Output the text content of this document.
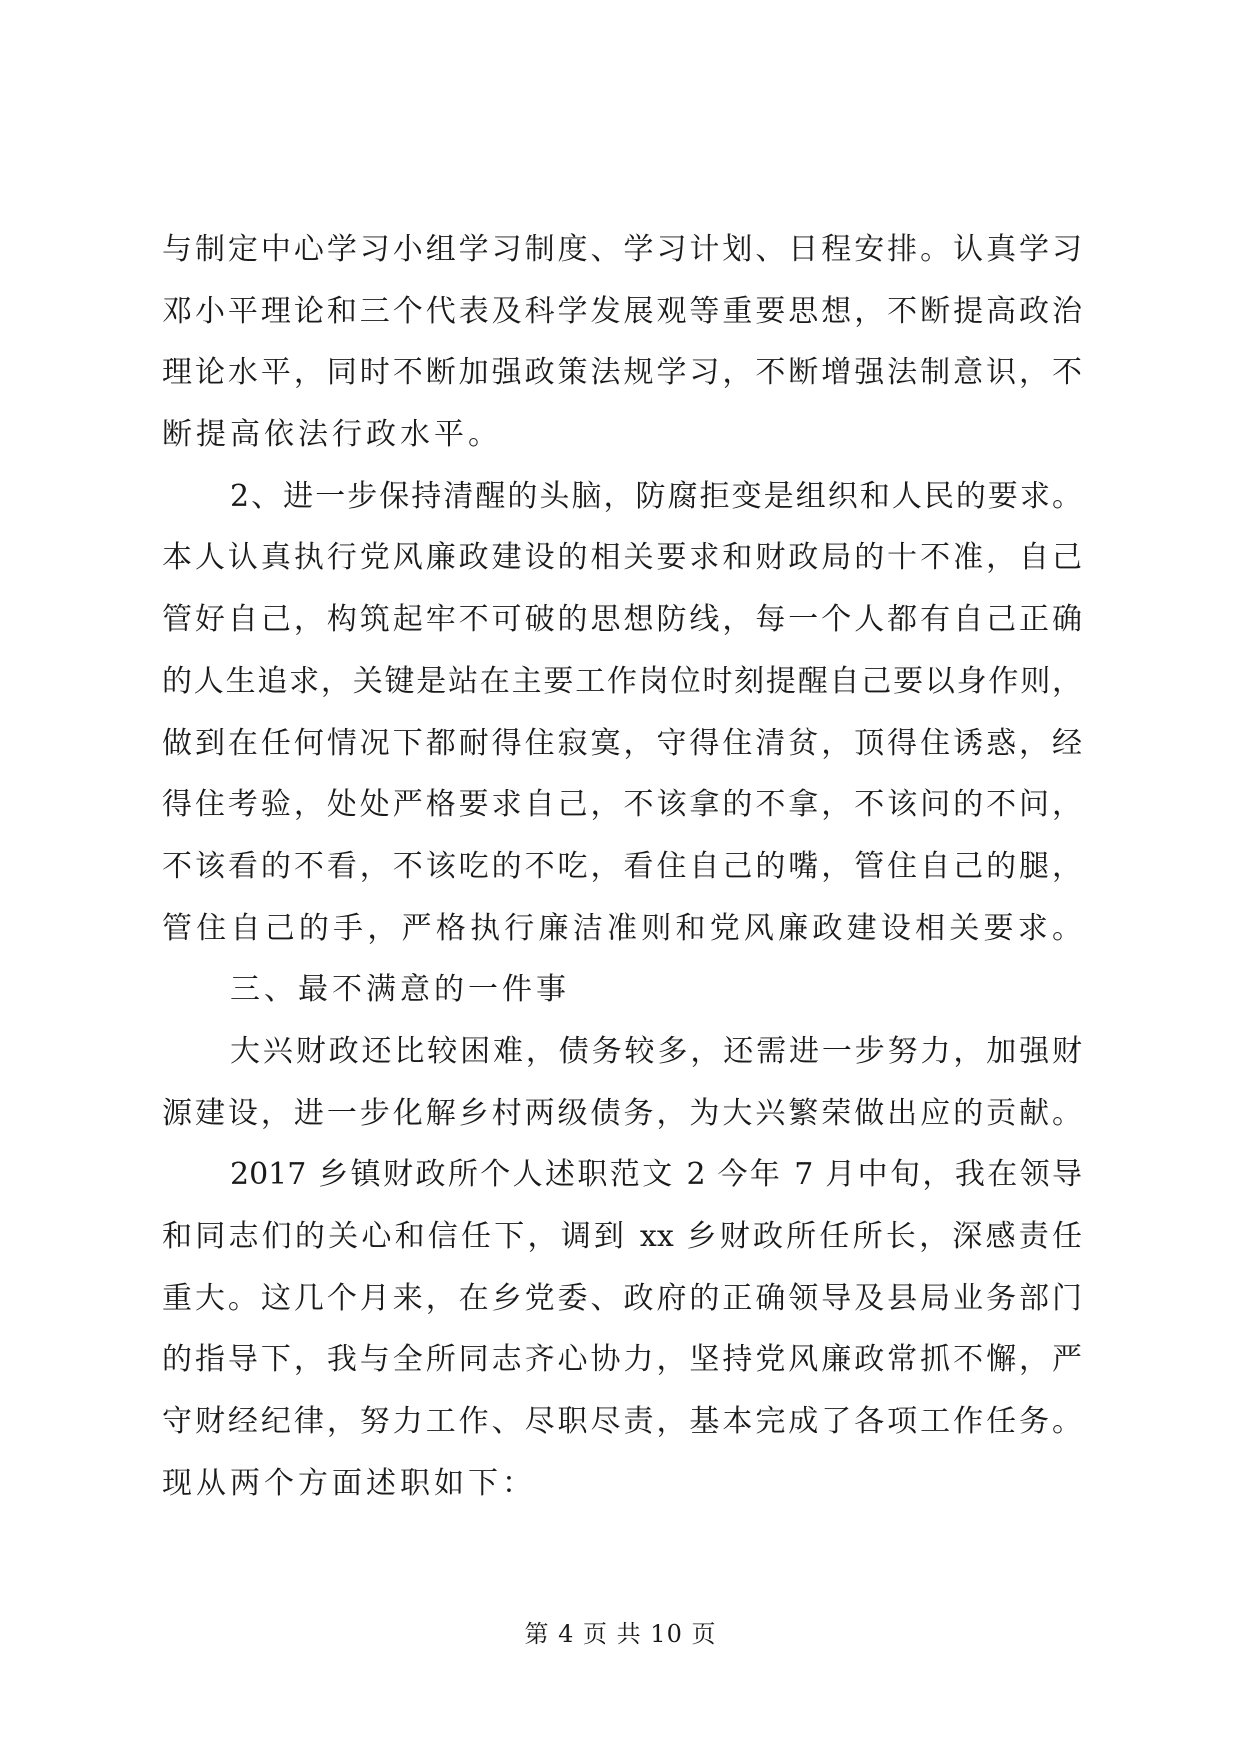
与制定中心学习小组学习制度、学习计划、日程安排。认真学习
邓小平理论和三个代表及科学发展观等重要思想，不断提高政治
理论水平，同时不断加强政策法规学习，不断增强法制意识，不
断提高依法行政水平。
2、进一步保持清醒的头脑，防腐拒变是组织和人民的要求。
本人认真执行党风廉政建设的相关要求和财政局的十不准，自己
管好自己，构筑起牢不可破的思想防线，每一个人都有自己正确
的人生追求，关键是站在主要工作岗位时刻提醒自己要以身作则，
做到在任何情况下都耐得住寂寞，守得住清贫，顶得住诱惑，经
得住考验，处处严格要求自己，不该拿的不拿，不该问的不问，
不该看的不看，不该吃的不吃，看住自己的嘴，管住自己的腿，
管住自己的手，严格执行廉洁准则和党风廉政建设相关要求。
三、最不满意的一件事
大兴财政还比较困难，债务较多，还需进一步努力，加强财
源建设，进一步化解乡村两级债务，为大兴繁荣做出应的贡献。
2017 乡镇财政所个人述职范文 2 今年 7 月中旬，我在领导
和同志们的关心和信任下，调到 xx 乡财政所任所长，深感责任
重大。这几个月来，在乡党委、政府的正确领导及县局业务部门
的指导下，我与全所同志齐心协力，坚持党风廉政常抓不懈，严
守财经纪律，努力工作、尽职尽责，基本完成了各项工作任务。
现从两个方面述职如下：
第 4 页 共 10 页
